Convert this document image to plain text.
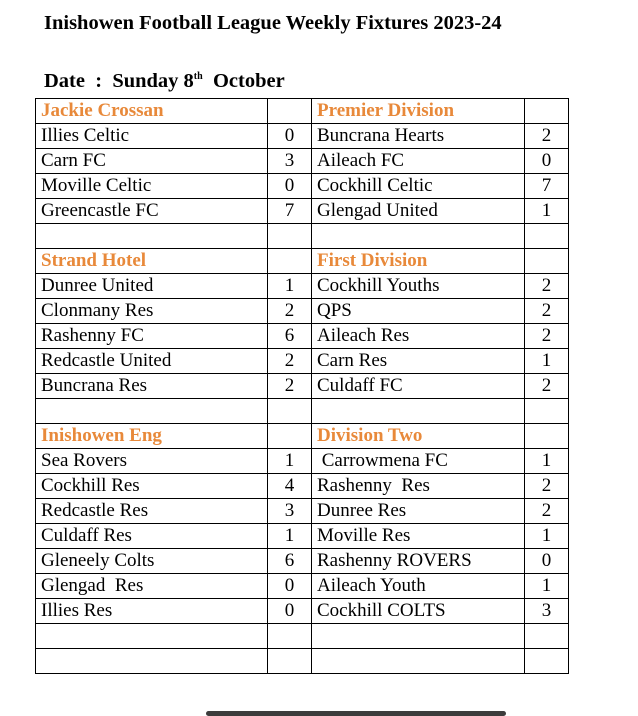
Inishowen Football League Weekly Fixtures 2023-24
Date  :  Sunday 8th October
Jackie Crossan		Premier Division	
Illies Celtic	0	Buncrana Hearts	2
Carn FC	3	Aileach FC	0
Moville Celtic	0	Cockhill Celtic	7
Greencastle FC	7	Glengad United	1

Strand Hotel		First Division	
Dunree United	1	Cockhill Youths	2
Clonmany Res	2	QPS	2
Rashenny FC	6	Aileach Res	2
Redcastle United	2	Carn Res	1
Buncrana Res	2	Culdaff FC	2

Inishowen Eng		Division Two	
Sea Rovers	1	Carrowmena FC	1
Cockhill Res	4	Rashenny  Res	2
Redcastle Res	3	Dunree Res	2
Culdaff Res	1	Moville Res	1
Gleneely Colts	6	Rashenny ROVERS	0
Glengad  Res	0	Aileach Youth	1
Illies Res	0	Cockhill COLTS	3
